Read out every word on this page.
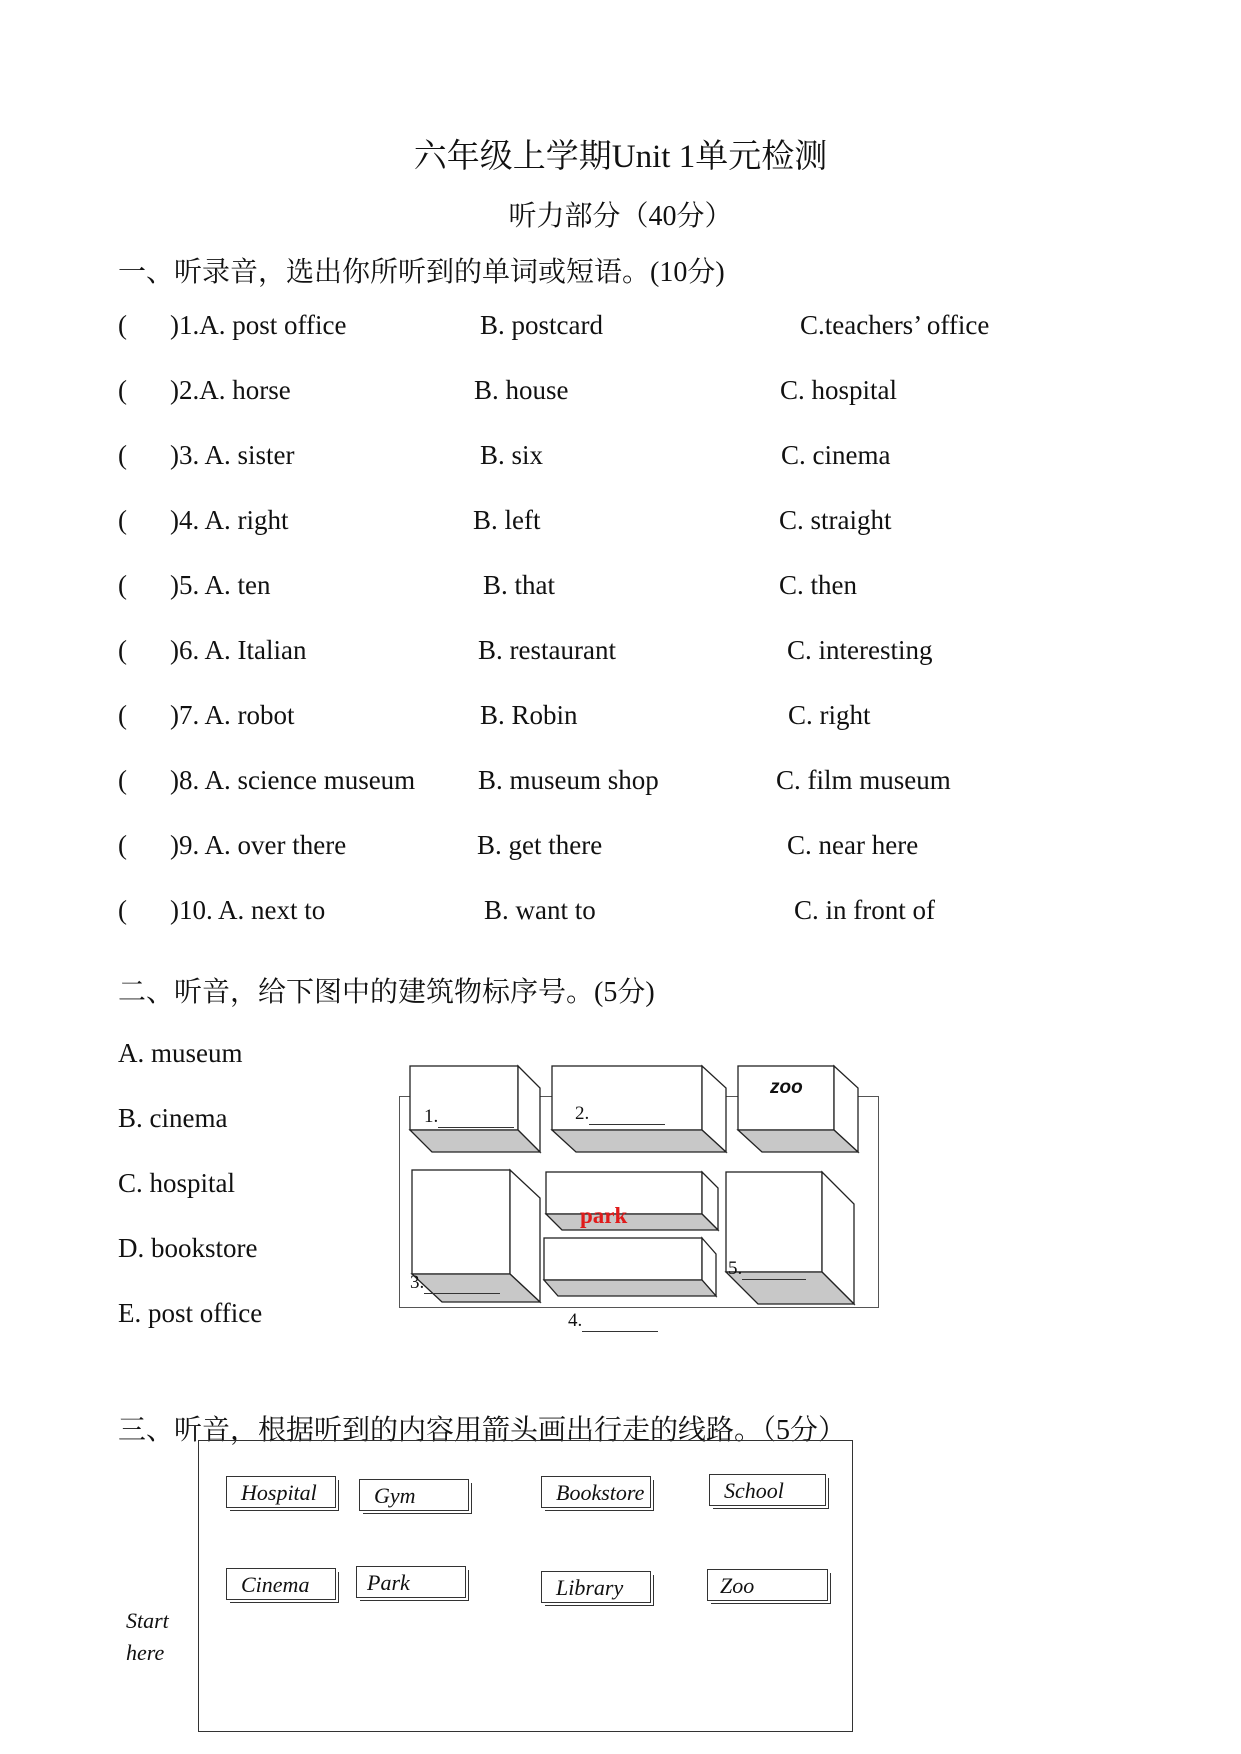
六年级上学期Unit 1单元检测
听力部分（40分）
一、听录音，选出你所听到的单词或短语。(10分)
( )1.A. post office	B. postcard	C.teachers’ office
( )2.A. horse	B. house	C. hospital
( )3. A. sister	B. six	C. cinema
( )4. A. right	B. left	C. straight
( )5. A. ten	B. that	C. then
( )6. A. Italian	B. restaurant	C. interesting
( )7. A. robot	B. Robin	C. right
( )8. A. science museum B. museum shop	C. film museum
( )9. A. over there	B. get there	C. near here
( )10. A. next to	B. want to	C. in front of
二、听音，给下图中的建筑物标序号。(5分)
A. museum
B. cinema
C. hospital
D. bookstore
E. post office
1.	2.
zoo
park
3.
4.
5.
三、听音，根据听到的内容用箭头画出行走的线路。（5分）
Hospital	Gym	Bookstore	School
Cinema	Park	Library	Zoo
Start
here
